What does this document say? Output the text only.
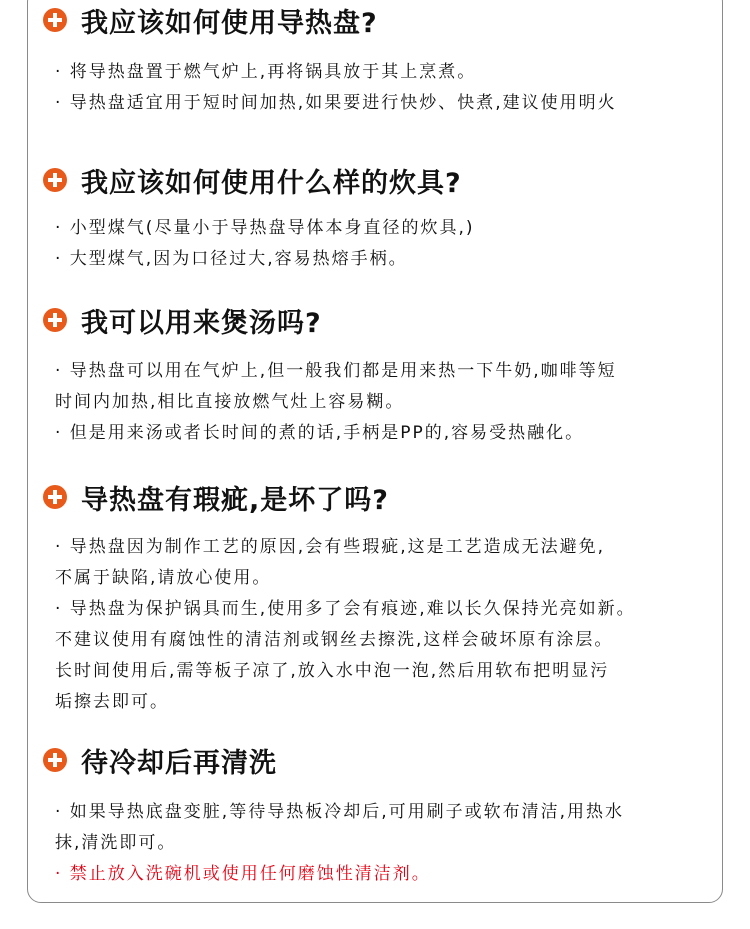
我应该如何使用导热盘?

· 将导热盘置于燃气炉上,再将锅具放于其上烹煮。

· 导热盘适宜用于短时间加热,如果要进行快炒、快煮,建议使用明火

我应该如何使用什么样的炊具?

· 小型煤气(尽量小于导热盘导体本身直径的炊具,)

· 大型煤气,因为口径过大,容易热熔手柄。

我可以用来煲汤吗?

· 导热盘可以用在气炉上,但一般我们都是用来热一下牛奶,咖啡等短

时间内加热,相比直接放燃气灶上容易糊。

· 但是用来汤或者长时间的煮的话,手柄是PP的,容易受热融化。

导热盘有瑕疵,是坏了吗?

· 导热盘因为制作工艺的原因,会有些瑕疵,这是工艺造成无法避免,

不属于缺陷,请放心使用。

· 导热盘为保护锅具而生,使用多了会有痕迹,难以长久保持光亮如新。

不建议使用有腐蚀性的清洁剂或钢丝去擦洗,这样会破坏原有涂层。

长时间使用后,需等板子凉了,放入水中泡一泡,然后用软布把明显污

垢擦去即可。

待冷却后再清洗

· 如果导热底盘变脏,等待导热板冷却后,可用刷子或软布清洁,用热水

抹,清洗即可。

· 禁止放入洗碗机或使用任何磨蚀性清洁剂。
